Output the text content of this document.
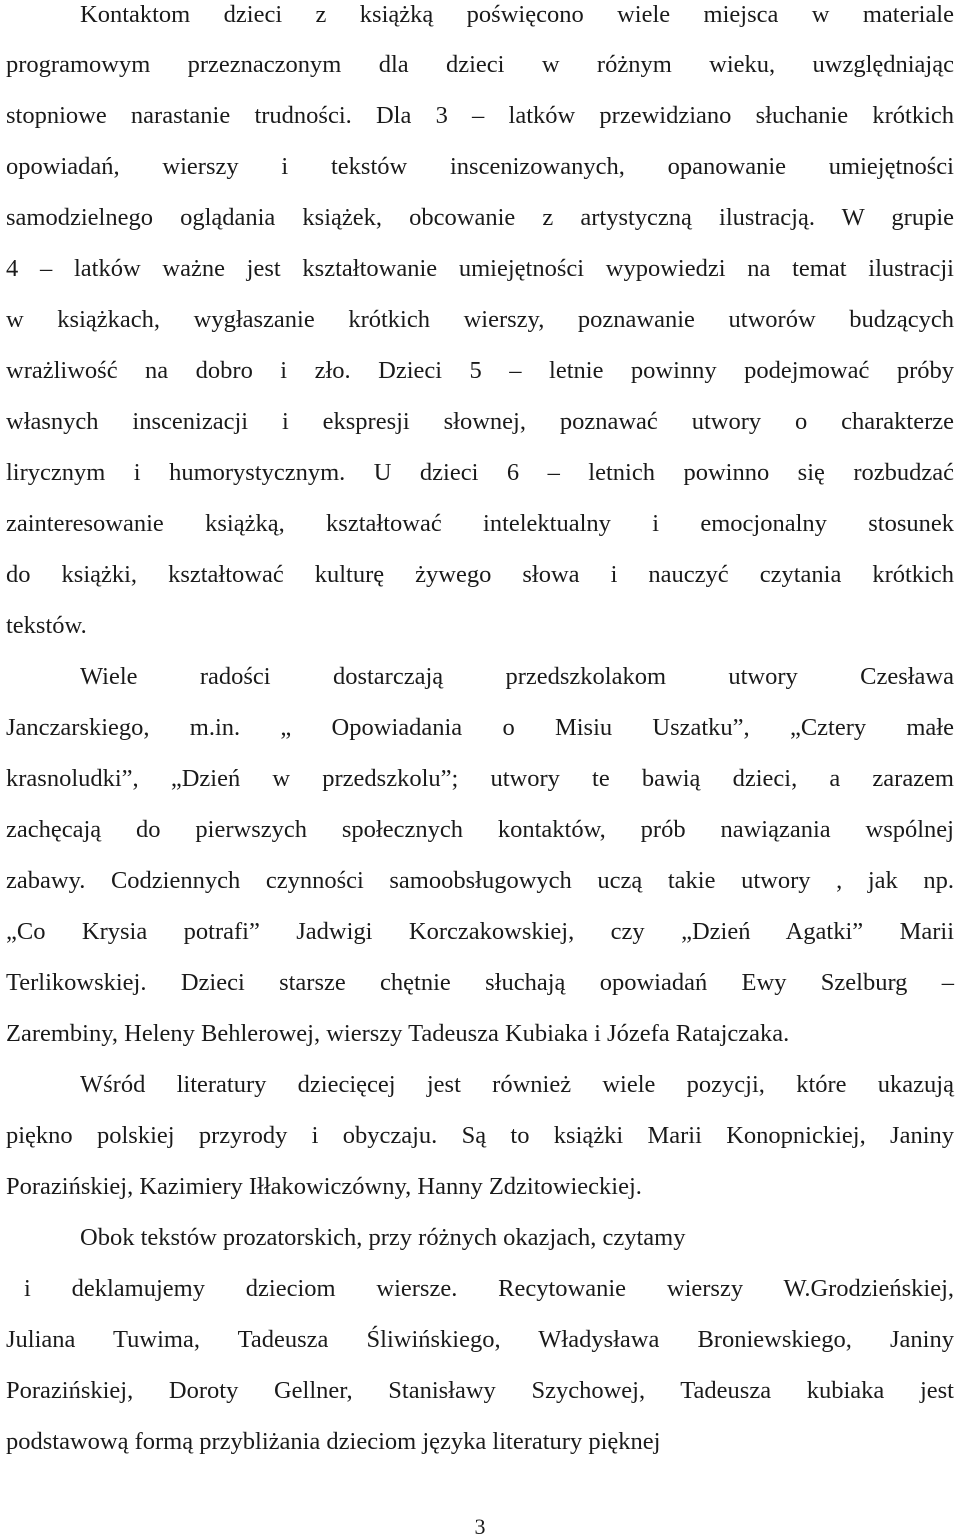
Kontaktom dzieci z książką poświęcono wiele miejsca w materiale
programowym przeznaczonym dla dzieci w różnym wieku, uwzględniając
stopniowe narastanie trudności. Dla 3 – latków przewidziano słuchanie krótkich
opowiadań, wierszy i tekstów inscenizowanych, opanowanie umiejętności
samodzielnego oglądania książek, obcowanie z artystyczną ilustracją. W grupie
4 – latków ważne jest kształtowanie umiejętności wypowiedzi na temat ilustracji
w książkach, wygłaszanie krótkich wierszy, poznawanie utworów budzących
wrażliwość na dobro i zło. Dzieci 5 – letnie powinny podejmować próby
własnych inscenizacji i ekspresji słownej, poznawać utwory o charakterze
lirycznym i humorystycznym. U dzieci 6 – letnich powinno się rozbudzać
zainteresowanie książką, kształtować intelektualny i emocjonalny stosunek
do książki, kształtować kulturę żywego słowa i nauczyć czytania krótkich
tekstów.
Wiele radości dostarczają przedszkolakom utwory Czesława
Janczarskiego, m.in. „ Opowiadania o Misiu Uszatku”, „Cztery małe
krasnoludki”, „Dzień w przedszkolu”; utwory te bawią dzieci, a zarazem
zachęcają do pierwszych społecznych kontaktów, prób nawiązania wspólnej
zabawy. Codziennych czynności samoobsługowych uczą takie utwory , jak np.
„Co Krysia potrafi” Jadwigi Korczakowskiej, czy „Dzień Agatki” Marii
Terlikowskiej. Dzieci starsze chętnie słuchają opowiadań Ewy Szelburg –
Zarembiny, Heleny Behlerowej, wierszy Tadeusza Kubiaka i Józefa Ratajczaka.
Wśród literatury dziecięcej jest również wiele pozycji, które ukazują
piękno polskiej przyrody i obyczaju. Są to książki Marii Konopnickiej, Janiny
Porazińskiej, Kazimiery Iłłakowiczówny, Hanny Zdzitowieckiej.
Obok tekstów prozatorskich, przy różnych okazjach, czytamy
i deklamujemy dzieciom wiersze. Recytowanie wierszy W.Grodzieńskiej,
Juliana Tuwima, Tadeusza Śliwińskiego, Władysława Broniewskiego, Janiny
Porazińskiej, Doroty Gellner, Stanisławy Szychowej, Tadeusza kubiaka jest
podstawową formą przybliżania dzieciom języka literatury pięknej
3
